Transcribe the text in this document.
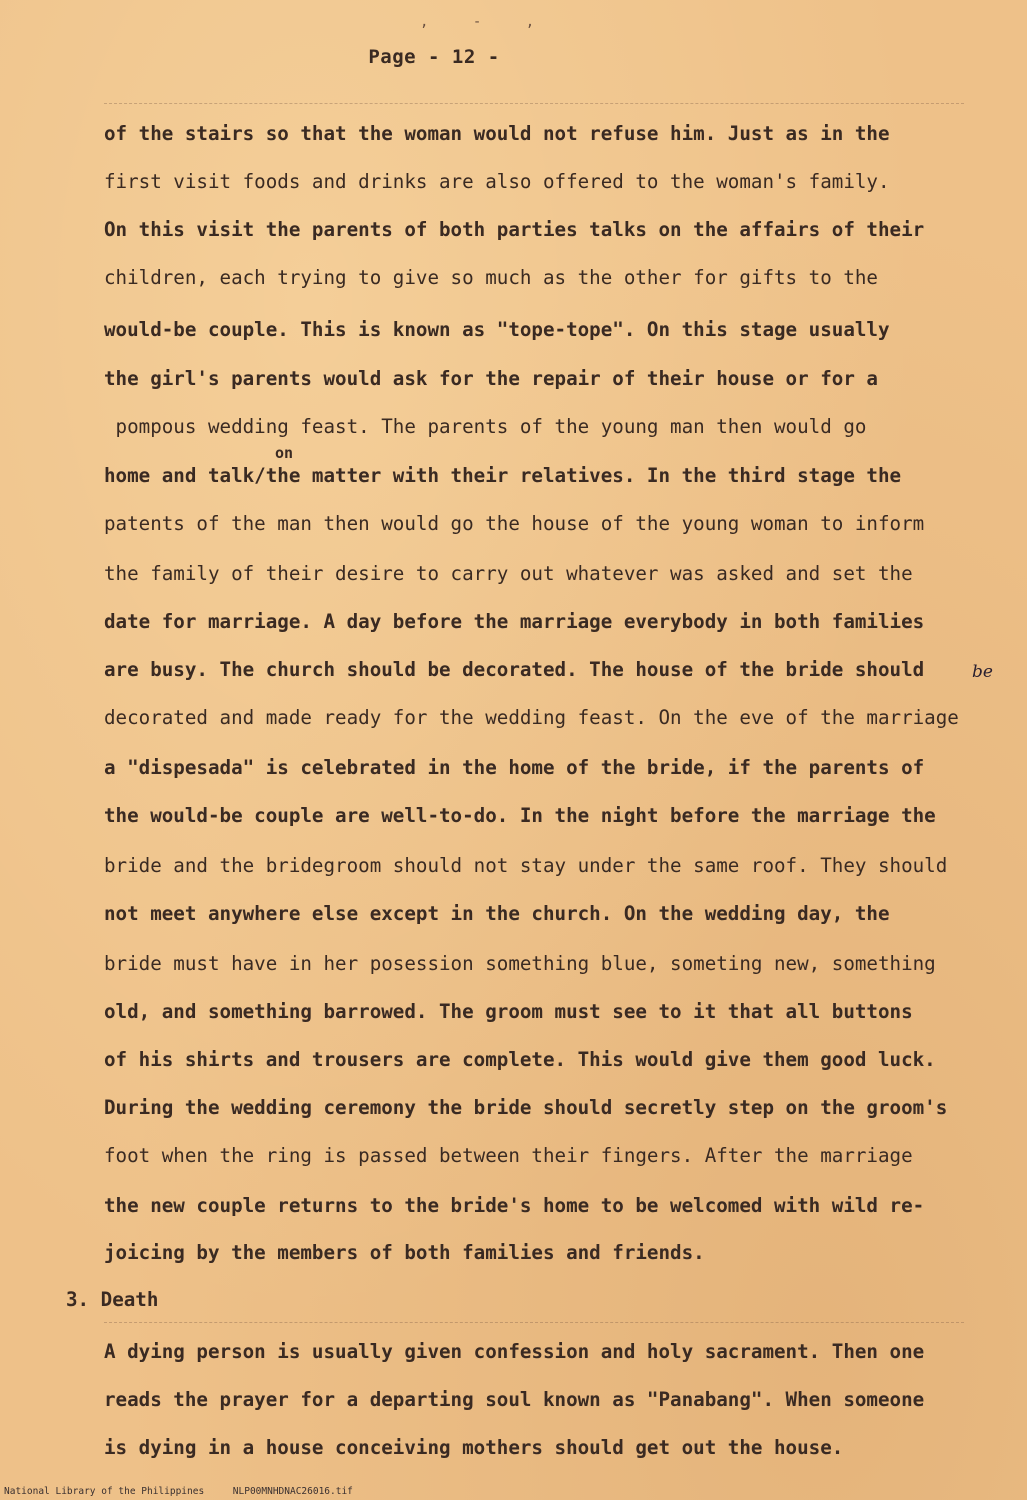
, - ,
Page - 12 -
of the stairs so that the woman would not refuse him. Just as in the
first visit foods and drinks are also offered to the woman's family.
On this visit the parents of both parties talks on the affairs of their
children, each trying to give so much as the other for gifts to the
would-be couple. This is known as "tope-tope". On this stage usually
the girl's parents would ask for the repair of their house or for a
pompous wedding feast. The parents of the young man then would go
on
home and talk/the matter with their relatives. In the third stage the
patents of the man then would go the house of the young woman to inform
the family of their desire to carry out whatever was asked and set the
date for marriage. A day before the marriage everybody in both families
are busy. The church should be decorated. The house of the bride should	be
decorated and made ready for the wedding feast. On the eve of the marriage
a "dispesada" is celebrated in the home of the bride, if the parents of
the would-be couple are well-to-do. In the night before the marriage the
bride and the bridegroom should not stay under the same roof. They should
not meet anywhere else except in the church. On the wedding day, the
bride must have in her posession something blue, someting new, something
old, and something barrowed. The groom must see to it that all buttons
of his shirts and trousers are complete. This would give them good luck.
During the wedding ceremony the bride should secretly step on the groom's
foot when the ring is passed between their fingers. After the marriage
the new couple returns to the bride's home to be welcomed with wild re-
joicing by the members of both families and friends.
3. Death
A dying person is usually given confession and holy sacrament. Then one
reads the prayer for a departing soul known as "Panabang". When someone
is dying in a house conceiving mothers should get out the house.
National Library of the Philippines     NLP00MNHDNAC26016.tif
